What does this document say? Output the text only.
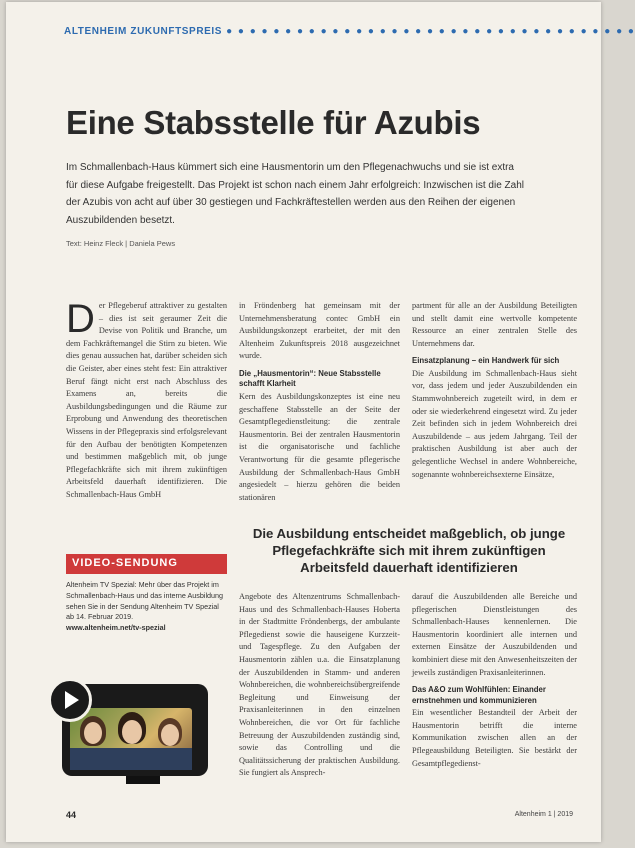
ALTENHEIM ZUKUNFTSPREIS ● ● ● ● ● ● ● ● ● ● ● ● ● ● ● ● ● ● ● ● ● ● ● ● ● ● ● ● ● ● ● ● ● ● ●
Eine Stabsstelle für Azubis
Im Schmallenbach-Haus kümmert sich eine Hausmentorin um den Pflegenachwuchs und sie ist extra für diese Aufgabe freigestellt. Das Projekt ist schon nach einem Jahr erfolgreich: Inzwischen ist die Zahl der Azubis von acht auf über 30 gestiegen und Fachkräftestellen werden aus den Reihen der eigenen Auszubildenden besetzt.
Text: Heinz Fleck | Daniela Pews
D er Pflegeberuf attraktiver zu gestalten – dies ist seit geraumer Zeit die Devise von Politik und Branche, um dem Fachkräftemangel die Stirn zu bieten. Wie dies genau aussuchen hat, darüber scheiden sich die Geister, aber eines steht fest: Ein attraktiver Beruf fängt nicht erst nach Abschluss des Examens an, bereits die Ausbildungsbedingungen und die Räume zur Erprobung und Anwendung des theoretischen Wissens in der Pflegepraxis sind erfolgsrelevant für den Aufbau der benötigten Kompetenzen und bestimmen maßgeblich mit, ob junge Pflegefachkräfte sich mit ihrem zukünftigen Arbeitsfeld dauerhaft identifizieren. Die Schmallenbach-Haus GmbH

in Fröndenberg hat gemeinsam mit der Unternehmensberatung contec GmbH ein Ausbildungskonzept erarbeitet, der mit den Altenheim Zukunftspreis 2018 ausgezeichnet wurde.

Die „Hausmentorin“: Neue Stabsstelle schafft Klarheit

Kern des Ausbildungskonzeptes ist eine neu geschaffene Stabsstelle an der Seite der Gesamtpflegedienstleitung: die zentrale Hausmentorin. Bei der zentralen Hausmentorin ist die organisatorische und fachliche Verantwortung für die gesamte pflegerische Ausbildung der Schmallenbach-Haus GmbH angesiedelt – hierzu gehören die beiden stationären

partment für alle an der Ausbildung Beteiligten und stellt damit eine wertvolle kompetente Ressource an einer zentralen Stelle des Unternehmens dar.

Einsatzplanung – ein Handwerk für sich

Die Ausbildung im Schmallenbach-Haus sieht vor, dass jedem und jeder Auszubildenden ein Stammwohnbereich zugeteilt wird, in dem er oder sie wiederkehrend eingesetzt wird. Zu jeder Zeit befinden sich in jedem Wohnbereich drei Auszubildende – aus jedem Jahrgang. Teil der praktischen Ausbildung ist aber auch der gelegentliche Wechsel in andere Wohnbereiche, sogenannte wohnbereichsexterne Einsätze,

Die Ausbildung entscheidet maßgeblich, ob junge Pflegefachkräfte sich mit ihrem zukünftigen Arbeitsfeld dauerhaft identifizieren

Angebote des Altenzentrums Schmallenbach-Haus und des Schmallenbach-Hauses Hoberta in der Stadtmitte Fröndenbergs, der ambulante Pflegedienst sowie die hauseigene Kurzzeit- und Tagespflege. Zu den Aufgaben der Hausmentorin zählen u.a. die Einsatzplanung der Auszubildenden in Stamm- und anderen Wohnbereichen, die wohnbereichsübergreifende Begleitung und Einweisung der Praxisanleiterinnen in den einzelnen Wohnbereichen, die vor Ort für fachliche Betreuung der Auszubildenden zuständig sind, sowie das Controlling und die Qualitätssicherung der praktischen Ausbildung. Sie fungiert als Ansprech-

darauf die Auszubildenden alle Bereiche und pflegerischen Dienstleistungen des Schmallenbach-Hauses kennenlernen. Die Hausmentorin koordiniert alle internen und externen Einsätze der Auszubildenden und kombiniert diese mit den Anwesenheitszeiten der jeweils zuständigen Praxisanleiterinnen.

Das A&O zum Wohlfühlen: Einander ernstnehmen und kommunizieren

Ein wesentlicher Bestandteil der Arbeit der Hausmentorin betrifft die interne Kommunikation zwischen allen an der Pflegeausbildung Beteiligten. Sie bestärkt der Gesamtpflegedienst-

VIDEO-SENDUNG
Altenheim TV Spezial: Mehr über das Projekt im Schmallenbach-Haus und das interne Ausbildung sehen Sie in der Sendung Altenheim TV Spezial ab 14. Februar 2019.
www.altenheim.net/tv-spezial
44	Altenheim 1 | 2019
